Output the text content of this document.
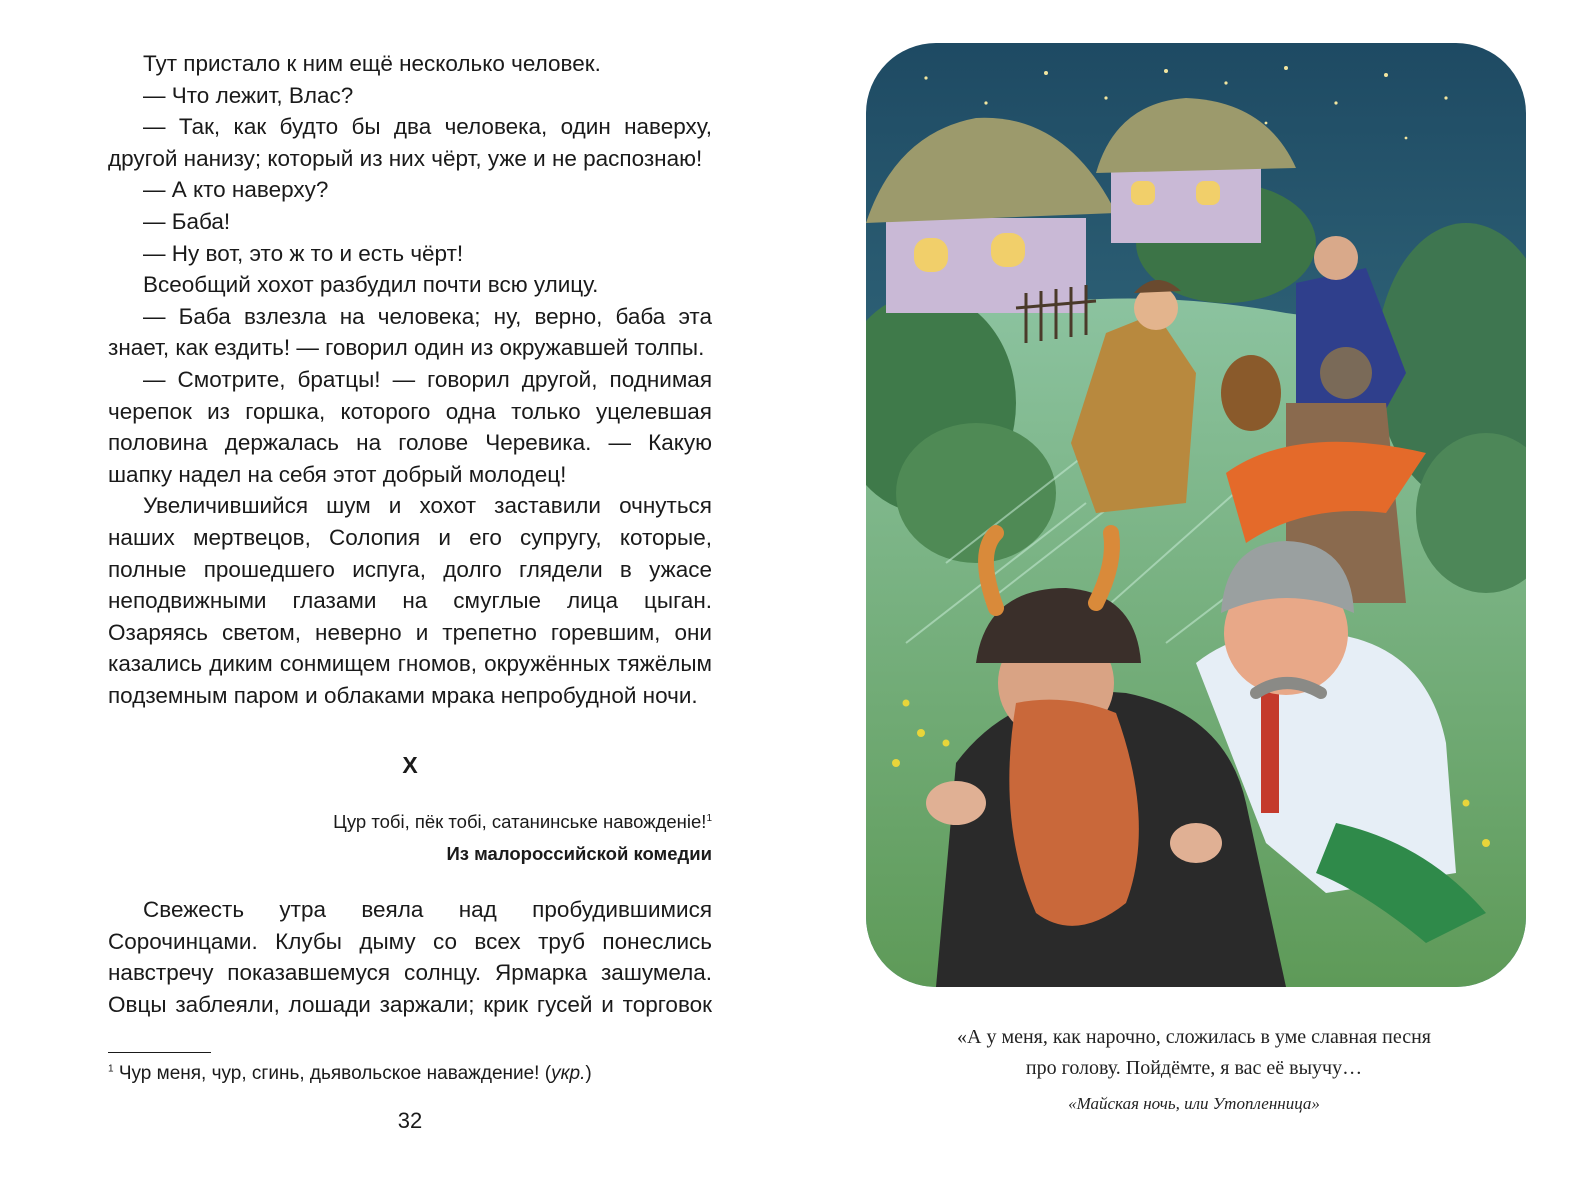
Тут пристало к ним ещё несколько человек.

— Что лежит, Влас?

— Так, как будто бы два человека, один наверху, другой нанизу; который из них чёрт, уже и не распознаю!

— А кто наверху?

— Баба!

— Ну вот, это ж то и есть чёрт!

Всеобщий хохот разбудил почти всю улицу.

— Баба взлезла на человека; ну, верно, баба эта знает, как ездить! — говорил один из окружавшей толпы.

— Смотрите, братцы! — говорил другой, поднимая черепок из горшка, которого одна только уцелевшая половина держалась на голове Черевика. — Какую шапку надел на себя этот добрый молодец!

Увеличившийся шум и хохот заставили очнуться наших мертвецов, Солопия и его супругу, которые, полные прошедшего испуга, долго глядели в ужасе неподвижными глазами на смуглые лица цыган. Озаряясь светом, неверно и трепетно горевшим, они казались диким сонмищем гномов, окружённых тяжёлым подземным паром и облаками мрака непробудной ночи.

X
Цур тобі, пёк тобі, сатанинське навожденіе!$^1$
Из малороссийской комедии

Свежесть утра веяла над пробудившимися Сорочинцами. Клубы дыму со всех труб понеслись навстречу показавшемуся солнцу. Ярмарка зашумела. Овцы заблеяли, лошади заржали; крик гусей и торговок

$^1$ Чур меня, чур, сгинь, дьявольское наваждение! (укр.)
32
«А у меня, как нарочно, сложилась в уме славная песня
про голову. Пойдёмте, я вас её выучу…
«Майская ночь, или Утопленница»
